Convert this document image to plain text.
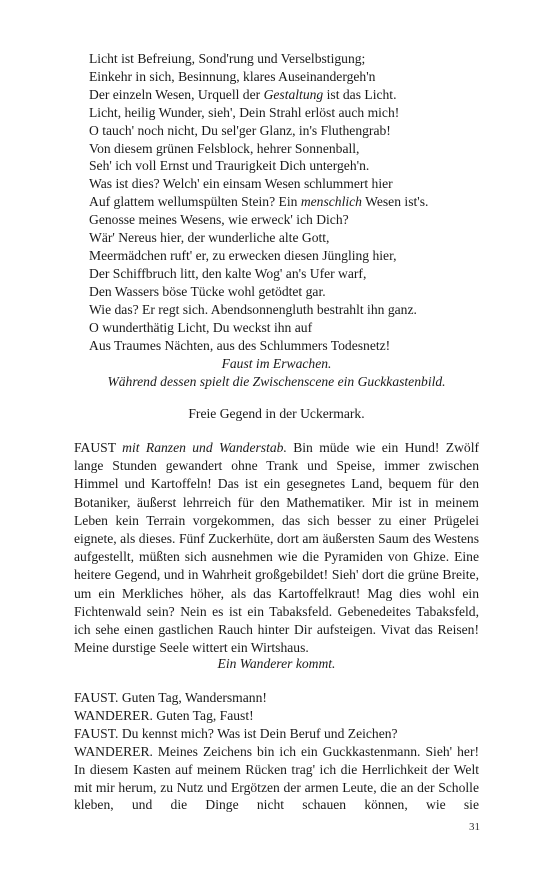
Licht ist Befreiung, Sond'rung und Verselbstigung;
Einkehr in sich, Besinnung, klares Auseinandergeh'n
Der einzeln Wesen, Urquell der Gestaltung ist das Licht.
Licht, heilig Wunder, sieh', Dein Strahl erlöst auch mich!
O tauch' noch nicht, Du sel'ger Glanz, in's Fluthengrab!
Von diesem grünen Felsblock, hehrer Sonnenball,
Seh' ich voll Ernst und Traurigkeit Dich untergeh'n.
Was ist dies? Welch' ein einsam Wesen schlummert hier
Auf glattem wellumspülten Stein? Ein menschlich Wesen ist's.
Genosse meines Wesens, wie erweck' ich Dich?
Wär' Nereus hier, der wunderliche alte Gott,
Meermädchen ruft' er, zu erwecken diesen Jüngling hier,
Der Schiffbruch litt, den kalte Wog' an's Ufer warf,
Den Wassers böse Tücke wohl getödtet gar.
Wie das? Er regt sich. Abendsonnengluth bestrahlt ihn ganz.
O wunderthätig Licht, Du weckst ihn auf
Aus Traumes Nächten, aus des Schlummers Todesnetz!
Faust im Erwachen.
Während dessen spielt die Zwischenscene ein Guckkastenbild.
Freie Gegend in der Uckermark.

FAUST mit Ranzen und Wanderstab. Bin müde wie ein Hund! Zwölf lange Stunden gewandert ohne Trank und Speise, immer zwischen Himmel und Kartoffeln! Das ist ein gesegnetes Land, bequem für den Botaniker, äußerst lehrreich für den Mathematiker. Mir ist in meinem Leben kein Terrain vorgekommen, das sich besser zu einer Prügelei eignete, als dieses. Fünf Zuckerhüte, dort am äußersten Saum des Westens aufgestellt, müßten sich ausnehmen wie die Pyramiden von Ghize. Eine heitere Gegend, und in Wahrheit großgebildet! Sieh' dort die grüne Breite, um ein Merkliches höher, als das Kartoffelkraut! Mag dies wohl ein Fichtenwald sein? Nein es ist ein Tabaksfeld. Gebenedeites Tabaksfeld, ich sehe einen gastlichen Rauch hinter Dir aufsteigen. Vivat das Reisen! Meine durstige Seele wittert ein Wirtshaus.

Ein Wanderer kommt.
FAUST. Guten Tag, Wandersmann!
WANDERER. Guten Tag, Faust!
FAUST. Du kennst mich? Was ist Dein Beruf und Zeichen?
WANDERER. Meines Zeichens bin ich ein Guckkastenmann. Sieh' her! In diesem Kasten auf meinem Rücken trag' ich die Herrlichkeit der Welt mit mir herum, zu Nutz und Ergötzen der armen Leute, die an der Scholle kleben, und die Dinge nicht schauen können, wie sie
31
